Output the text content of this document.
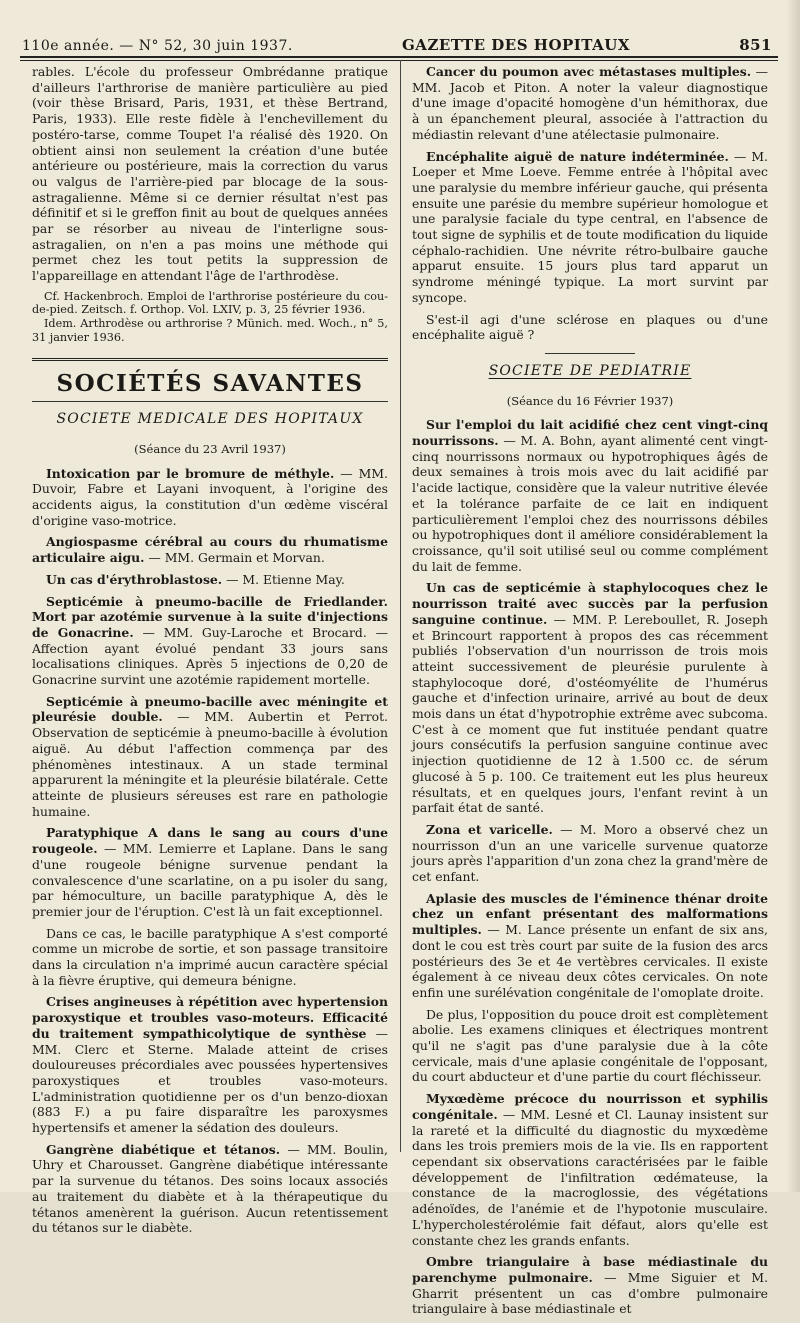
110e année. — N° 52, 30 juin 1937.	GAZETTE DES HOPITAUX	851

rables. L'école du professeur Ombrédanne pratique d'ailleurs l'arthrorise de manière particulière au pied (voir thèse Brisard, Paris, 1931, et thèse Bertrand, Paris, 1933). Elle reste fidèle à l'enchevillement du postéro-tarse, comme Toupet l'a réalisé dès 1920. On obtient ainsi non seulement la création d'une butée antérieure ou postérieure, mais la correction du varus ou valgus de l'arrière-pied par blocage de la sous-astragalienne. Même si ce dernier résultat n'est pas définitif et si le greffon finit au bout de quelques années par se résorber au niveau de l'interligne sous-astragalien, on n'en a pas moins une méthode qui permet chez les tout petits la suppression de l'appareillage en attendant l'âge de l'arthrodèse.

Cf. Hackenbroch. Emploi de l'arthrorise postérieure du cou-de-pied. Zeitsch. f. Orthop. Vol. LXIV, p. 3, 25 février 1936.

Idem. Arthrodèse ou arthrorise ? Münich. med. Woch., n° 5, 31 janvier 1936.

SOCIÉTÉS SAVANTES
SOCIETE MEDICALE DES HOPITAUX
(Séance du 23 Avril 1937)

Intoxication par le bromure de méthyle. — MM. Duvoir, Fabre et Layani invoquent, à l'origine des accidents aigus, la constitution d'un œdème viscéral d'origine vaso-motrice.

Angiospasme cérébral au cours du rhumatisme articulaire aigu. — MM. Germain et Morvan.

Un cas d'érythroblastose. — M. Etienne May.

Septicémie à pneumo-bacille de Friedlander. Mort par azotémie survenue à la suite d'injections de Gonacrine. — MM. Guy-Laroche et Brocard. — Affection ayant évolué pendant 33 jours sans localisations cliniques. Après 5 injections de 0,20 de Gonacrine survint une azotémie rapidement mortelle.

Septicémie à pneumo-bacille avec méningite et pleurésie double. — MM. Aubertin et Perrot. Observation de septicémie à pneumo-bacille à évolution aiguë. Au début l'affection commença par des phénomènes intestinaux. A un stade terminal apparurent la méningite et la pleurésie bilatérale. Cette atteinte de plusieurs séreuses est rare en pathologie humaine.

Paratyphique A dans le sang au cours d'une rougeole. — MM. Lemierre et Laplane. Dans le sang d'une rougeole bénigne survenue pendant la convalescence d'une scarlatine, on a pu isoler du sang, par hémoculture, un bacille paratyphique A, dès le premier jour de l'éruption. C'est là un fait exceptionnel.

Dans ce cas, le bacille paratyphique A s'est comporté comme un microbe de sortie, et son passage transitoire dans la circulation n'a imprimé aucun caractère spécial à la fièvre éruptive, qui demeura bénigne.

Crises angineuses à répétition avec hypertension paroxystique et troubles vaso-moteurs. Efficacité du traitement sympathicolytique de synthèse — MM. Clerc et Sterne. Malade atteint de crises douloureuses précordiales avec poussées hypertensives paroxystiques et troubles vaso-moteurs. L'administration quotidienne per os d'un benzo-dioxan (883 F.) a pu faire disparaître les paroxysmes hypertensifs et amener la sédation des douleurs.

Gangrène diabétique et tétanos. — MM. Boulin, Uhry et Charousset. Gangrène diabétique intéressante par la survenue du tétanos. Des soins locaux associés au traitement du diabète et à la thérapeutique du tétanos amenèrent la guérison. Aucun retentissement du tétanos sur le diabète.

Cancer du poumon avec métastases multiples. — MM. Jacob et Piton. A noter la valeur diagnostique d'une image d'opacité homogène d'un hémithorax, due à un épanchement pleural, associée à l'attraction du médiastin relevant d'une atélectasie pulmonaire.

Encéphalite aiguë de nature indéterminée. — M. Loeper et Mme Loeve. Femme entrée à l'hôpital avec une paralysie du membre inférieur gauche, qui présenta ensuite une parésie du membre supérieur homologue et une paralysie faciale du type central, en l'absence de tout signe de syphilis et de toute modification du liquide céphalo-rachidien. Une névrite rétro-bulbaire gauche apparut ensuite. 15 jours plus tard apparut un syndrome méningé typique. La mort survint par syncope.

S'est-il agi d'une sclérose en plaques ou d'une encéphalite aiguë ?

SOCIETE DE PEDIATRIE
(Séance du 16 Février 1937)

Sur l'emploi du lait acidifié chez cent vingt-cinq nourrissons. — M. A. Bohn, ayant alimenté cent vingt-cinq nourrissons normaux ou hypotrophiques âgés de deux semaines à trois mois avec du lait acidifié par l'acide lactique, considère que la valeur nutritive élevée et la tolérance parfaite de ce lait en indiquent particulièrement l'emploi chez des nourrissons débiles ou hypotrophiques dont il améliore considérablement la croissance, qu'il soit utilisé seul ou comme complément du lait de femme.

Un cas de septicémie à staphylocoques chez le nourrisson traité avec succès par la perfusion sanguine continue. — MM. P. Lereboullet, R. Joseph et Brincourt rapportent à propos des cas récemment publiés l'observation d'un nourrisson de trois mois atteint successivement de pleurésie purulente à staphylocoque doré, d'ostéomyélite de l'humérus gauche et d'infection urinaire, arrivé au bout de deux mois dans un état d'hypotrophie extrême avec subcoma. C'est à ce moment que fut instituée pendant quatre jours consécutifs la perfusion sanguine continue avec injection quotidienne de 12 à 1.500 cc. de sérum glucosé à 5 p. 100. Ce traitement eut les plus heureux résultats, et en quelques jours, l'enfant revint à un parfait état de santé.

Zona et varicelle. — M. Moro a observé chez un nourrisson d'un an une varicelle survenue quatorze jours après l'apparition d'un zona chez la grand'mère de cet enfant.

Aplasie des muscles de l'éminence thénar droite chez un enfant présentant des malformations multiples. — M. Lance présente un enfant de six ans, dont le cou est très court par suite de la fusion des arcs postérieurs des 3e et 4e vertèbres cervicales. Il existe également à ce niveau deux côtes cervicales. On note enfin une surélévation congénitale de l'omoplate droite.

De plus, l'opposition du pouce droit est complètement abolie. Les examens cliniques et électriques montrent qu'il ne s'agit pas d'une paralysie due à la côte cervicale, mais d'une aplasie congénitale de l'opposant, du court abducteur et d'une partie du court fléchisseur.

Myxœdème précoce du nourrisson et syphilis congénitale. — MM. Lesné et Cl. Launay insistent sur la rareté et la difficulté du diagnostic du myxœdème dans les trois premiers mois de la vie. Ils en rapportent cependant six observations caractérisées par le faible développement de l'infiltration œdémateuse, la constance de la macroglossie, des végétations adénoïdes, de l'anémie et de l'hypotonie musculaire. L'hypercholestérolémie fait défaut, alors qu'elle est constante chez les grands enfants.

Ombre triangulaire à base médiastinale du parenchyme pulmonaire. — Mme Siguier et M. Gharrit présentent un cas d'ombre pulmonaire triangulaire à base médiastinale et
